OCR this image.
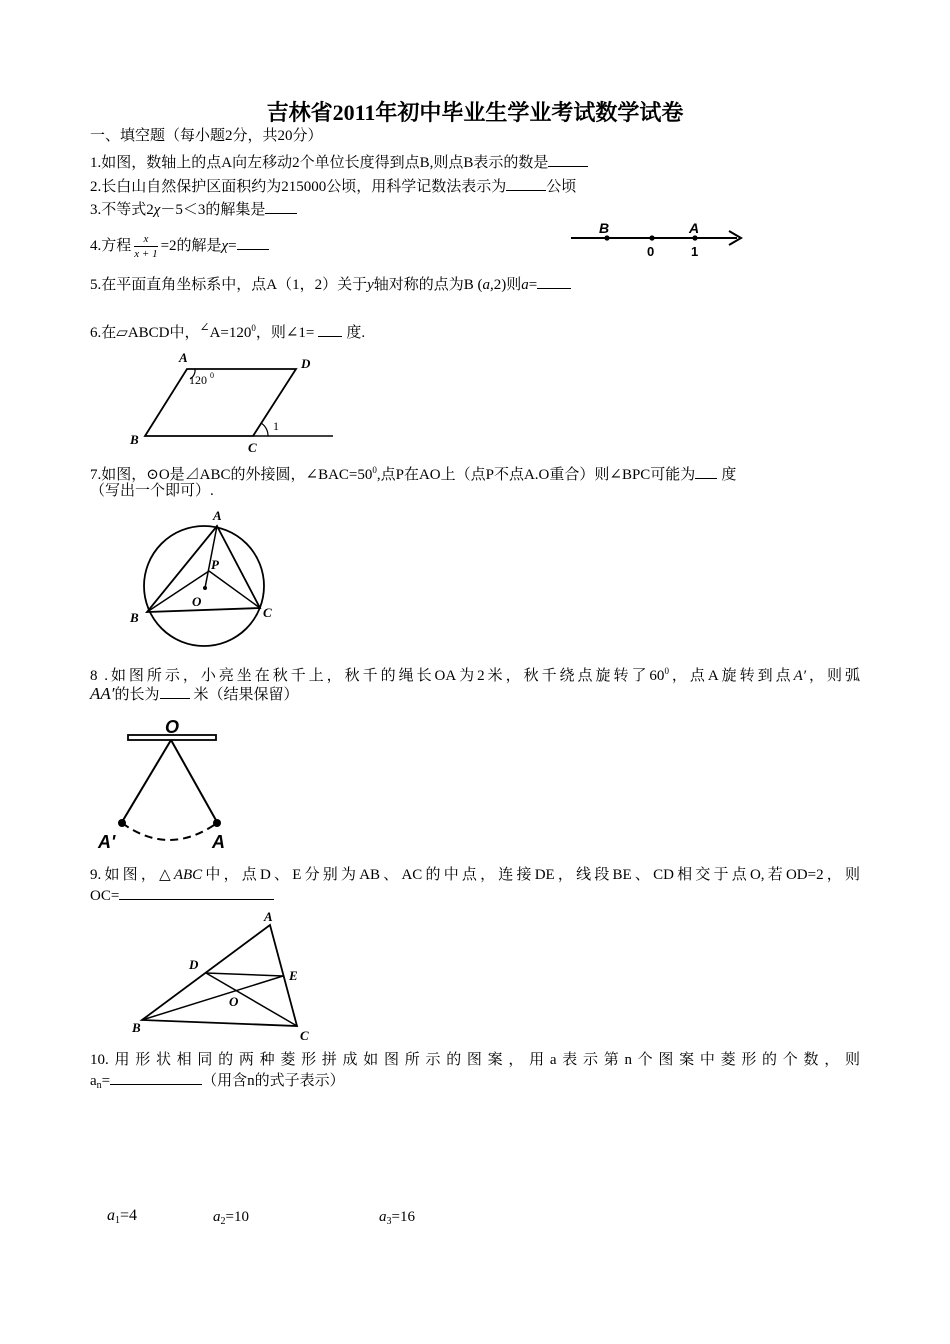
吉林省2011年初中毕业生学业考试数学试卷
一、填空题（每小题2分，共20分）
1.如图，数轴上的点A向左移动2个单位长度得到点B,则点B表示的数是
2.长白山自然保护区面积约为215000公顷，用科学记数法表示为	公顷
3.不等式2χ－5＜3的解集是
4.方程 $\frac{x}{x + 1} =2$的解是χ=
B	A
0	1
5.在平面直角坐标系中，点A（1，2）关于y轴对称的点为B (a,2)则a=
6.在▱ABCD中，$^\angle A=120^0$，则∠1= 度.
A	D
B
C
120 0
1
7.如图，⊙O是⊿ABC的外接圆，$\angle BAC=50^0$,点P在AO上（点P不点A.O重合）则∠BPC可能为 度
（写出一个即可）.
A
B	C
P
O
8 .如图所示，小亮坐在秋千上，秋千的绳长OA为2米，秋千绕点旋转了$60^0$，点A旋转到点A′，则弧
AA′的长为 米（结果保留）
O
A'	A
9.如图，△ABC中，点D、E分别为AB、AC的中点，连接DE，线段BE、CD相交于点O,若OD=2，则
OC=
A
D
E
O
B
C
10.用形状相同的两种菱形拼成如图所示的图案，用a表示第n个图案中菱形的个数，则
$a_n=$	（用含n的式子表示）
$a_1=4$	$a_2=10$	$a_3=16$
